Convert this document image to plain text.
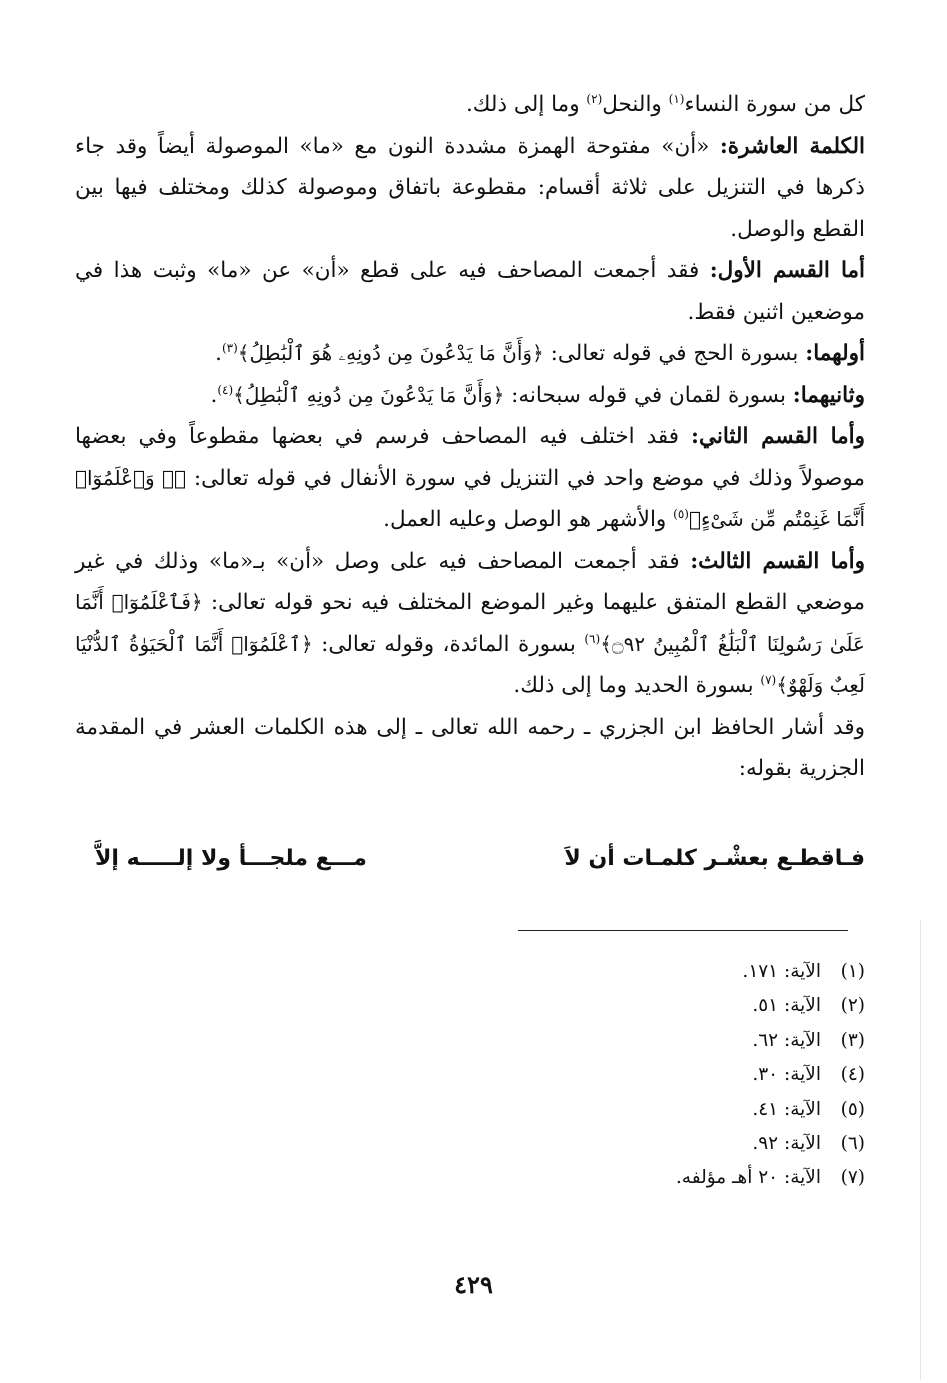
كل من سورة النساء$^{(١)}$ والنحل$^{(٢)}$ وما إلى ذلك.

الكلمة العاشرة: «أن» مفتوحة الهمزة مشددة النون مع «ما» الموصولة أيضاً وقد جاء ذكرها في التنزيل على ثلاثة أقسام: مقطوعة باتفاق وموصولة كذلك ومختلف فيها بين القطع والوصل.

أما القسم الأول: فقد أجمعت المصاحف فيه على قطع «أن» عن «ما» وثبت هذا في موضعين اثنين فقط.

أولهما: بسورة الحج في قوله تعالى: ﴿وَأَنَّ مَا يَدْعُونَ مِن دُونِهِۦ هُوَ ٱلْبَٰطِلُ﴾$^{(٣)}$.

وثانيهما: بسورة لقمان في قوله سبحانه: ﴿وَأَنَّ مَا يَدْعُونَ مِن دُونِهِ ٱلْبَٰطِلُ﴾$^{(٤)}$.

وأما القسم الثاني: فقد اختلف فيه المصاحف فرسم في بعضها مقطوعاً وفي بعضها موصولاً وذلك في موضع واحد في التنزيل في سورة الأنفال في قوله تعالى: ﴿۞ وَٱعْلَمُوٓا۟ أَنَّمَا غَنِمْتُم مِّن شَىْءٍ﴾$^{(٥)}$ والأشهر هو الوصل وعليه العمل.

وأما القسم الثالث: فقد أجمعت المصاحف فيه على وصل «أن» بـ«ما» وذلك في غير موضعي القطع المتفق عليهما وغير الموضع المختلف فيه نحو قوله تعالى: ﴿فَٱعْلَمُوٓا۟ أَنَّمَا عَلَىٰ رَسُولِنَا ٱلْبَلَٰغُ ٱلْمُبِينُ ۝٩٢﴾$^{(٦)}$ بسورة المائدة، وقوله تعالى: ﴿ٱعْلَمُوٓا۟ أَنَّمَا ٱلْحَيَوٰةُ ٱلدُّنْيَا لَعِبٌ وَلَهْوٌ﴾$^{(٧)}$ بسورة الحديد وما إلى ذلك.

وقد أشار الحافظ ابن الجزري ـ رحمه الله تعالى ـ إلى هذه الكلمات العشر في المقدمة الجزرية بقوله:

فـاقطـع بعشْـر كلمـات أن لاَ
مـــع ملجـــأ ولا إلـــــه إلاَّ
(١)الآية: ١٧١.
(٢)الآية: ٥١.
(٣)الآية: ٦٢.
(٤)الآية: ٣٠.
(٥)الآية: ٤١.
(٦)الآية: ٩٢.
(٧)الآية: ٢٠ أهـ مؤلفه.
٤٢٩
